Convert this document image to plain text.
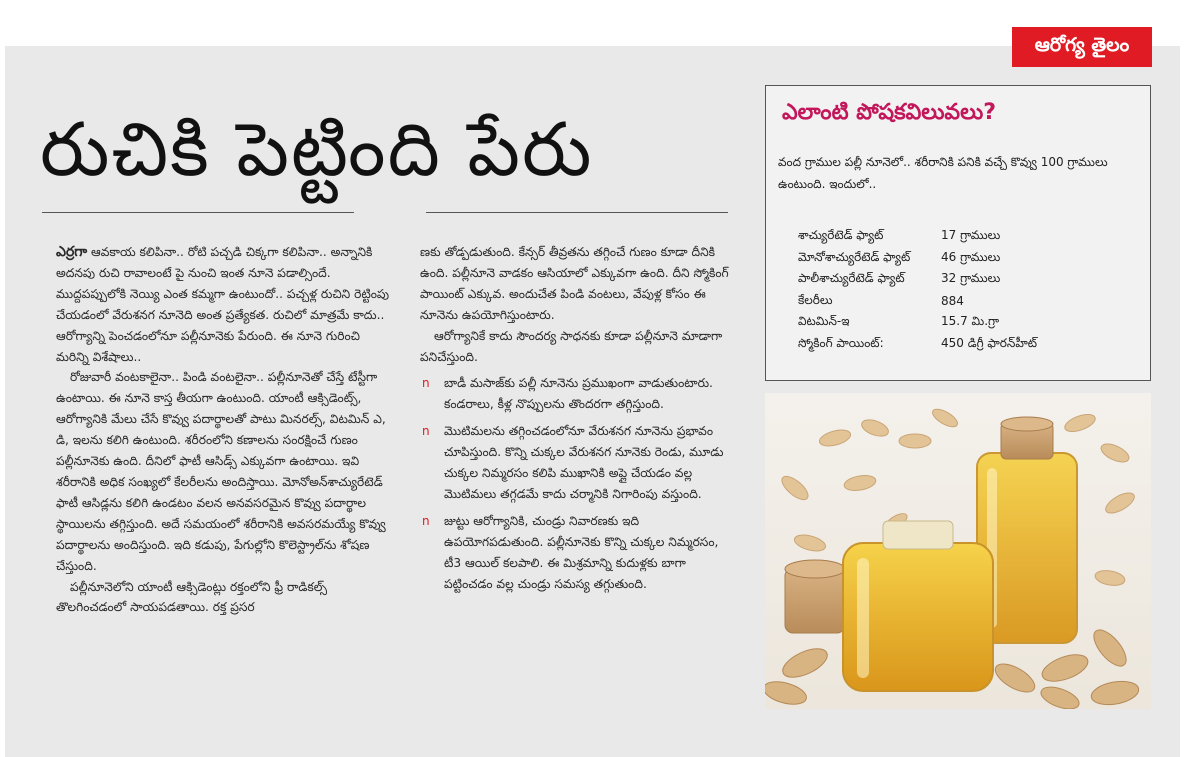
ఆరోగ్య తైలం
రుచికి పెట్టింది పేరు

ఎర్రగా ఆవకాయ కలిపినా.. రోటి పచ్చడి చిక్కగా కలిపినా.. అన్నానికి అదనపు రుచి రావాలంటే పై నుంచి ఇంత నూనె పడాల్సిందే. ముద్దపప్పులోకి నెయ్యి ఎంత కమ్మగా ఉంటుందో.. పచ్చళ్ల రుచిని రెట్టింపు చేయడంలో వేరుశనగ నూనెది అంత ప్రత్యేకత. రుచిలో మాత్రమే కాదు.. ఆరోగ్యాన్ని పెంచడంలోనూ పల్లీనూనెకు పేరుంది. ఈ నూనె గురించి మరిన్ని విశేషాలు..

రోజువారీ వంటకాలైనా.. పిండి వంటలైనా.. పల్లీనూనెతో చేస్తే టేస్టీగా ఉంటాయి. ఈ నూనె కాస్త తీయగా ఉంటుంది. యాంటీ ఆక్సిడెంట్స్, ఆరోగ్యానికి మేలు చేసే కొవ్వు పదార్థాలతో పాటు మినరల్స్, విటమిన్ ఎ, డి, ఇలను కలిగి ఉంటుంది. శరీరంలోని కణాలను సంరక్షించే గుణం పల్లీనూనెకు ఉంది. దీనిలో ఫాటీ ఆసిడ్స్ ఎక్కువగా ఉంటాయి. ఇవి శరీరానికి అధిక సంఖ్యలో కేలరీలను అందిస్తాయి. మోనోఅన్‌శాచ్యురేటెడ్ ఫాటీ ఆసిడ్లను కలిగి ఉండటం వలన అనవసరమైన కొవ్వు పదార్థాల స్థాయిలను తగ్గిస్తుంది. అదే సమయంలో శరీరానికి అవసరమయ్యే కొవ్వు పదార్థాలను అందిస్తుంది. ఇది కడుపు, పేగుల్లోని కొలెస్ట్రాల్‌ను శోషణ చేస్తుంది.

పల్లీనూనెలోని యాంటీ ఆక్సిడెంట్లు రక్తంలోని ఫ్రీ రాడికల్స్ తొలగించడంలో సాయపడతాయి. రక్త ప్రసర

ణకు తోడ్పడుతుంది. కేన్సర్ తీవ్రతను తగ్గించే గుణం కూడా దీనికి ఉంది. పల్లీనూనె వాడకం ఆసియాలో ఎక్కువగా ఉంది. దీని స్మోకింగ్ పాయింట్ ఎక్కువ. అందుచేత పిండి వంటలు, వేపుళ్ల కోసం ఈ నూనెను ఉపయోగిస్తుంటారు.

ఆరోగ్యానికే కాదు సౌందర్య సాధనకు కూడా పల్లీనూనె మాడాగా పనిచేస్తుంది.

n బాడీ మసాజ్‌కు పల్లీ నూనెను ప్రముఖంగా వాడుతుంటారు. కండరాలు, కీళ్ల నొప్పులను తొందరగా తగ్గిస్తుంది.
n మొటిమలను తగ్గించడంలోనూ వేరుశనగ నూనెను ప్రభావం చూపిస్తుంది. కొన్ని చుక్కల వేరుశనగ నూనెకు రెండు, మూడు చుక్కల నిమ్మరసం కలిపి ముఖానికి అప్లై చేయడం వల్ల మొటిమలు తగ్గడమే కాదు చర్మానికి నిగారింపు వస్తుంది.
n జుట్టు ఆరోగ్యానికి, చుండ్రు నివారణకు ఇది ఉపయోగపడుతుంది. పల్లీనూనెకు కొన్ని చుక్కల నిమ్మరసం, టీ3 ఆయిల్ కలపాలి. ఈ మిశ్రమాన్ని కుదుళ్లకు బాగా పట్టించడం వల్ల చుండ్రు సమస్య తగ్గుతుంది.
ఎలాంటి పోషకవిలువలు?
వంద గ్రాముల పల్లీ నూనెలో.. శరీరానికి పనికి వచ్చే కొవ్వు 100 గ్రాములు ఉంటుంది. ఇందులో..
శాచ్యురేటెడ్ ఫ్యాట్	17 గ్రాములు
మోనోశాచ్యురేటెడ్ ఫ్యాట్	46 గ్రాములు
పాలీశాచ్యురేటెడ్ ఫ్యాట్	32 గ్రాములు
కేలరీలు	884
విటమిన్-ఇ	15.7 మి.గ్రా
స్మోకింగ్ పాయింట్:	450 డిగ్రీ ఫారన్‌హీట్
